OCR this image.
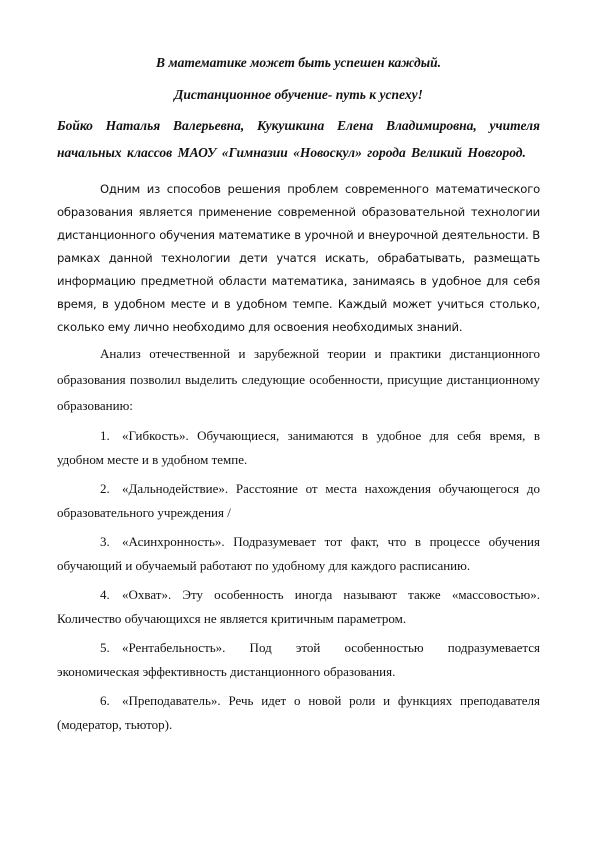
В математике может быть успешен каждый.

Дистанционное обучение- путь к успеху!

Бойко Наталья Валерьевна, Кукушкина Елена Владимировна, учителя начальных классов МАОУ «Гимназии «Новоскул» города Великий Новгород.

Одним из способов решения проблем современного математического образования является применение современной образовательной технологии дистанционного обучения математике в урочной и внеурочной деятельности. В рамках данной технологии дети учатся искать, обрабатывать, размещать информацию предметной области математика, занимаясь в удобное для себя время, в удобном месте и в удобном темпе. Каждый может учиться столько, сколько ему лично необходимо для освоения необходимых знаний.

Анализ отечественной и зарубежной теории и практики дистанционного образования позволил выделить следующие особенности, присущие дистанционному образованию:

1. «Гибкость». Обучающиеся, занимаются в удобное для себя время, в удобном месте и в удобном темпе.
2. «Дальнодействие». Расстояние от места нахождения обучающегося до образовательного учреждения /
3. «Асинхронность». Подразумевает тот факт, что в процессе обучения обучающий и обучаемый работают по удобному для каждого расписанию.
4. «Охват». Эту особенность иногда называют также «массовостью». Количество обучающихся не является критичным параметром.
5. «Рентабельность». Под этой особенностью подразумевается экономическая эффективность дистанционного образования.
6. «Преподаватель». Речь идет о новой роли и функциях преподавателя (модератор, тьютор).
